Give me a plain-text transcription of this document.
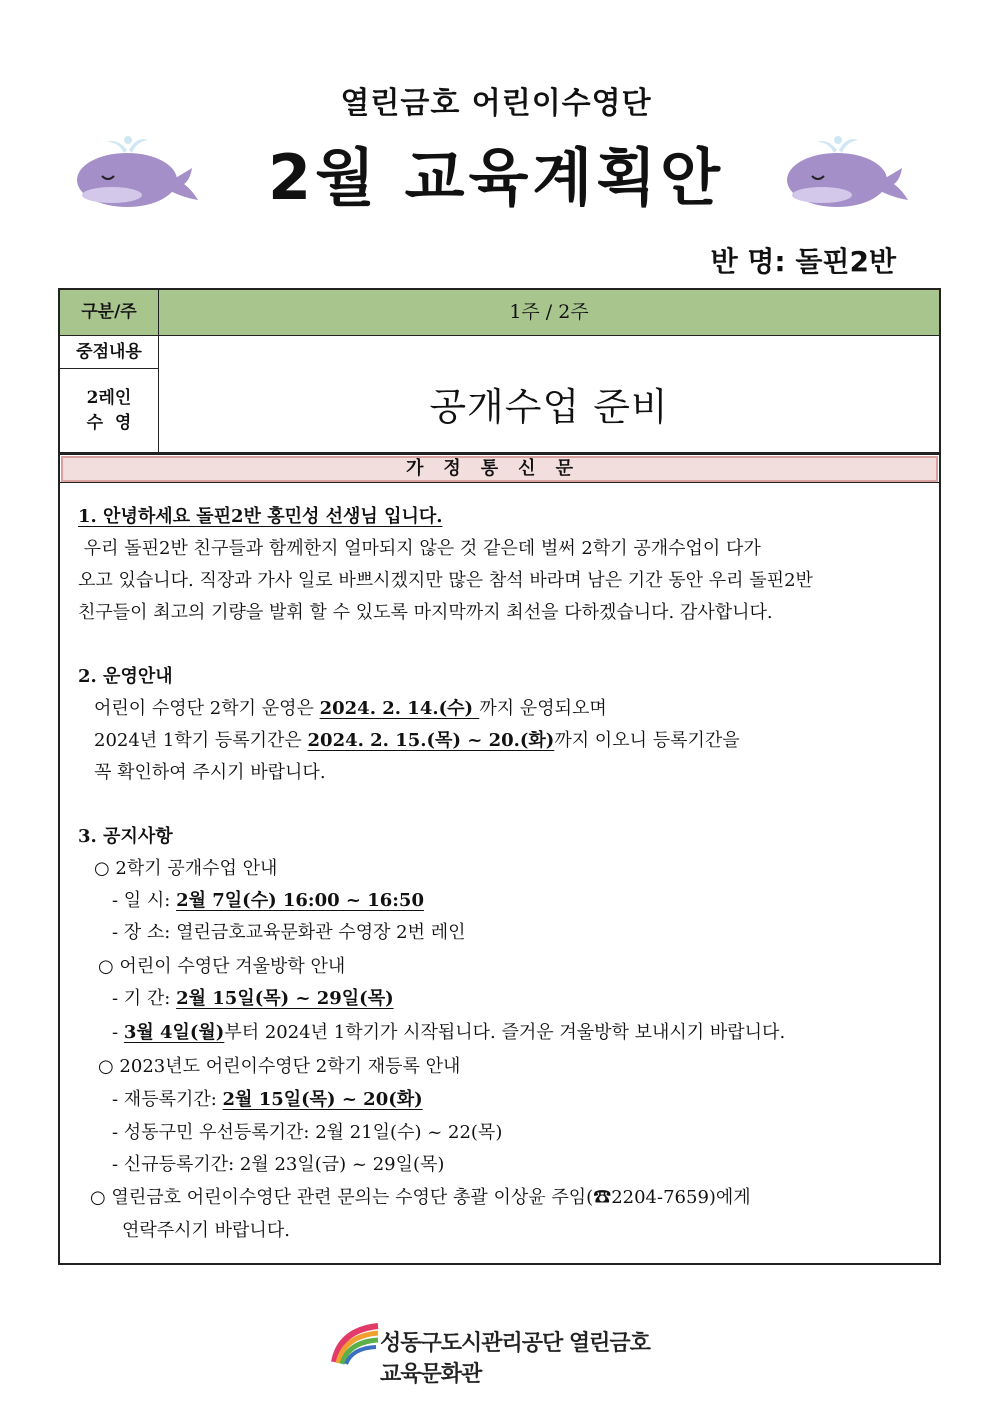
열린금호 어린이수영단
2월 교육계획안
반 명: 돌핀2반
구분/주	1주 / 2주
중점내용
2레인
수  영	공개수업 준비
가정통신문
1. 안녕하세요 돌핀2반 홍민성 선생님 입니다.
우리 돌핀2반 친구들과 함께한지 얼마되지 않은 것 같은데 벌써 2학기 공개수업이 다가
오고 있습니다. 직장과 가사 일로 바쁘시겠지만 많은 참석 바라며 남은 기간 동안 우리 돌핀2반
친구들이 최고의 기량을 발휘 할 수 있도록 마지막까지 최선을 다하겠습니다. 감사합니다.
2. 운영안내
어린이 수영단 2학기 운영은 2024. 2. 14.(수) 까지 운영되오며
2024년 1학기 등록기간은 2024. 2. 15.(목) ~ 20.(화)까지 이오니 등록기간을
꼭 확인하여 주시기 바랍니다.
3. 공지사항
○ 2학기 공개수업 안내
- 일 시: 2월 7일(수) 16:00 ~ 16:50
- 장 소: 열린금호교육문화관 수영장 2번 레인
○ 어린이 수영단 겨울방학 안내
- 기 간: 2월 15일(목) ~ 29일(목)
- 3월 4일(월)부터 2024년 1학기가 시작됩니다. 즐거운 겨울방학 보내시기 바랍니다.
○ 2023년도 어린이수영단 2학기 재등록 안내
- 재등록기간: 2월 15일(목) ~ 20(화)
- 성동구민 우선등록기간: 2월 21일(수) ~ 22(목)
- 신규등록기간: 2월 23일(금) ~ 29일(목)
○ 열린금호 어린이수영단 관련 문의는 수영단 총괄 이상윤 주임(☎2204-7659)에게
연락주시기 바랍니다.
성동구도시관리공단 열린금호교육문화관
